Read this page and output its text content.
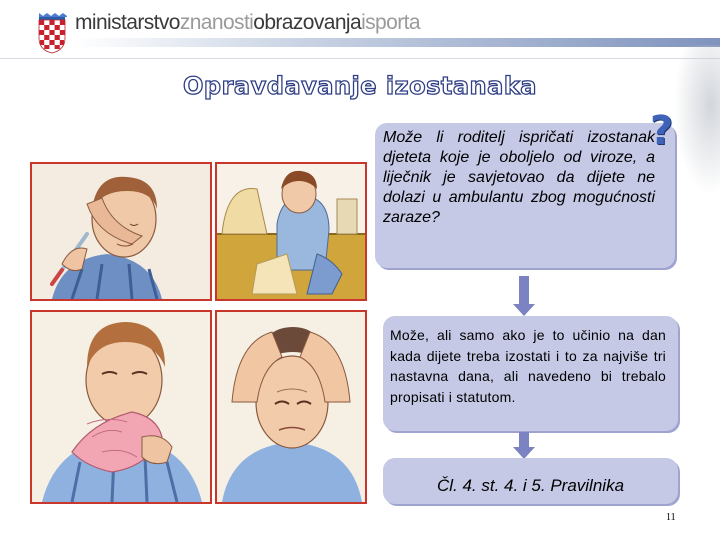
ministarstvoznanostiobrazovanjaisporta
Opravdavanje izostanaka
Može li roditelj ispričati izostanak djeteta koje je oboljelo od viroze, a liječnik je savjetovao da dijete ne dolazi u ambulantu zbog mogućnosti zaraze?
?
Može, ali samo ako je to učinio na dan kada dijete treba izostati i to za najviše tri nastavna dana, ali navedeno bi trebalo propisati i statutom.
Čl. 4. st. 4. i 5. Pravilnika
11
